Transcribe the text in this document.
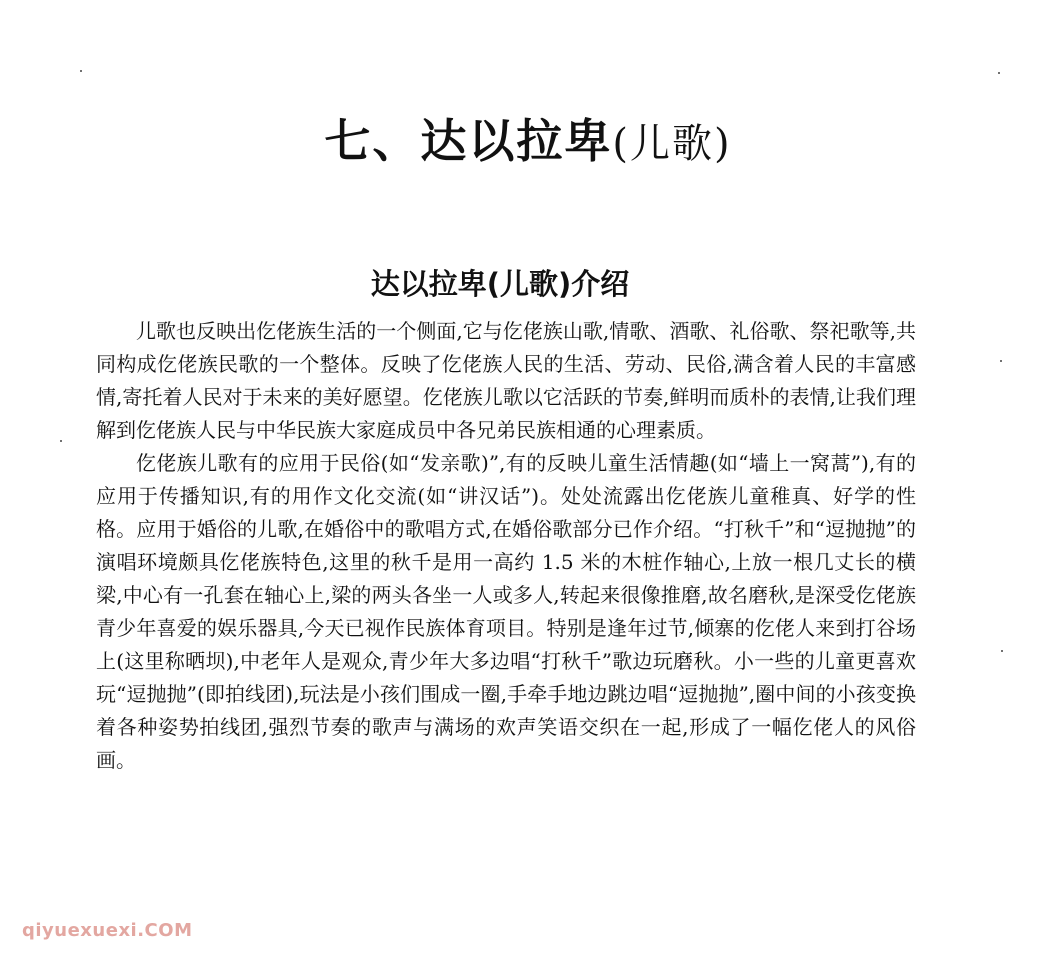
七、达以拉卑(儿歌)
达以拉卑(儿歌)介绍

儿歌也反映出仡佬族生活的一个侧面,它与仡佬族山歌,情歌、酒歌、礼俗歌、祭祀歌等,共同构成仡佬族民歌的一个整体。反映了仡佬族人民的生活、劳动、民俗,满含着人民的丰富感情,寄托着人民对于未来的美好愿望。仡佬族儿歌以它活跃的节奏,鲜明而质朴的表情,让我们理解到仡佬族人民与中华民族大家庭成员中各兄弟民族相通的心理素质。

仡佬族儿歌有的应用于民俗(如“发亲歌)”,有的反映儿童生活情趣(如“墙上一窝蒿”),有的应用于传播知识,有的用作文化交流(如“讲汉话”)。处处流露出仡佬族儿童稚真、好学的性格。应用于婚俗的儿歌,在婚俗中的歌唱方式,在婚俗歌部分已作介绍。“打秋千”和“逗抛抛”的演唱环境颇具仡佬族特色,这里的秋千是用一高约 1.5 米的木桩作轴心,上放一根几丈长的横梁,中心有一孔套在轴心上,梁的两头各坐一人或多人,转起来很像推磨,故名磨秋,是深受仡佬族青少年喜爱的娱乐器具,今天已视作民族体育项目。特别是逢年过节,倾寨的仡佬人来到打谷场上(这里称晒坝),中老年人是观众,青少年大多边唱“打秋千”歌边玩磨秋。小一些的儿童更喜欢玩“逗抛抛”(即拍线团),玩法是小孩们围成一圈,手牵手地边跳边唱“逗抛抛”,圈中间的小孩变换着各种姿势拍线团,强烈节奏的歌声与满场的欢声笑语交织在一起,形成了一幅仡佬人的风俗画。

qiyuexuexi.COM
